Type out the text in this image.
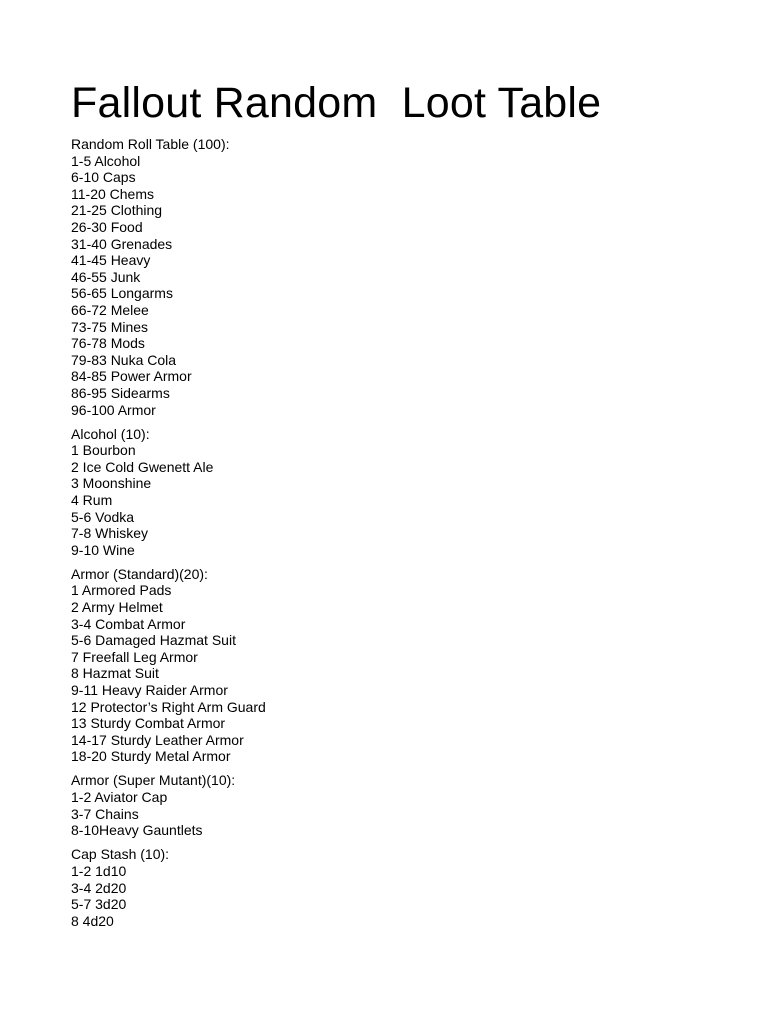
Fallout Random  Loot Table
Random Roll Table (100):
1-5 Alcohol
6-10 Caps
11-20 Chems
21-25 Clothing
26-30 Food
31-40 Grenades
41-45 Heavy
46-55 Junk
56-65 Longarms
66-72 Melee
73-75 Mines
76-78 Mods
79-83 Nuka Cola
84-85 Power Armor
86-95 Sidearms
96-100 Armor
Alcohol (10):
1 Bourbon
2 Ice Cold Gwenett Ale
3 Moonshine
4 Rum
5-6 Vodka
7-8 Whiskey
9-10 Wine
Armor (Standard)(20):
1 Armored Pads
2 Army Helmet
3-4 Combat Armor
5-6 Damaged Hazmat Suit
7 Freefall Leg Armor
8 Hazmat Suit
9-11 Heavy Raider Armor
12 Protector’s Right Arm Guard
13 Sturdy Combat Armor
14-17 Sturdy Leather Armor
18-20 Sturdy Metal Armor
Armor (Super Mutant)(10):
1-2 Aviator Cap
3-7 Chains
8-10Heavy Gauntlets
Cap Stash (10):
1-2 1d10
3-4 2d20
5-7 3d20
8 4d20
